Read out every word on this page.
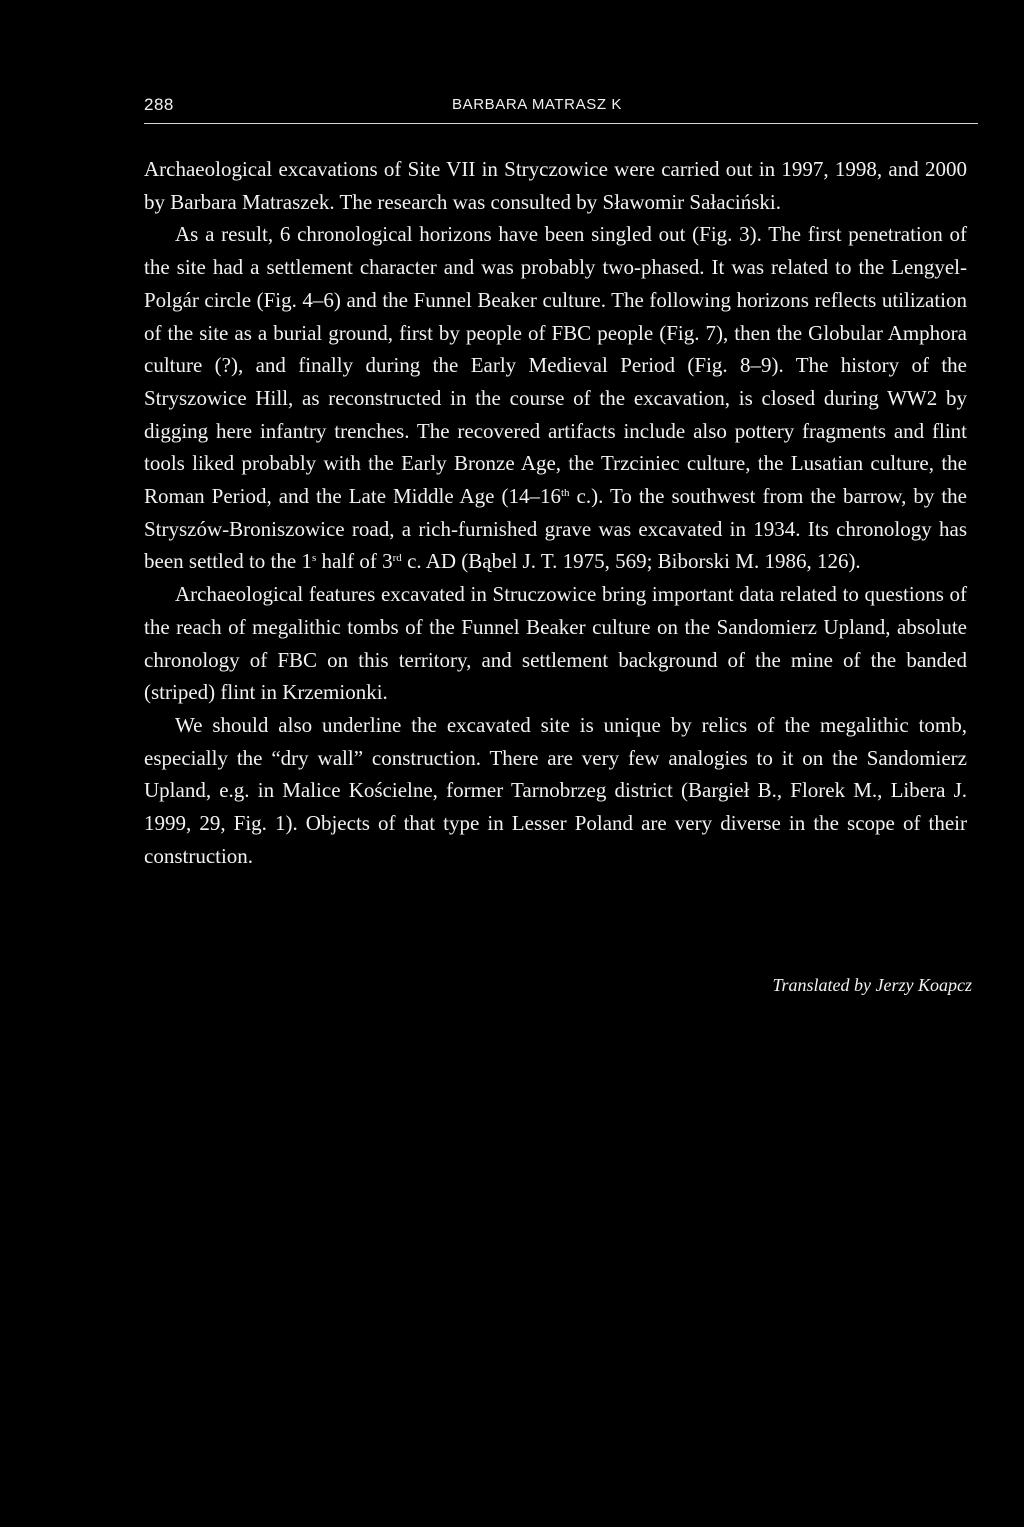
288	BARBARA MATRASZ K

Archaeological excavations of Site VII in Stryczowice were carried out in 1997, 1998, and 2000 by Barbara Matraszek. The research was consulted by Sławomir Sałaciński.

As a result, 6 chronological horizons have been singled out (Fig. 3). The first penetration of the site had a settlement character and was probably two-phased. It was related to the Lengyel-Polgár circle (Fig. 4–6) and the Funnel Beaker culture. The following horizons reflects utilization of the site as a burial ground, first by people of FBC people (Fig. 7), then the Globular Amphora culture (?), and finally during the Early Medieval Period (Fig. 8–9). The history of the Stryszowice Hill, as reconstructed in the course of the excavation, is closed during WW2 by digging here infantry trenches. The recovered artifacts include also pottery fragments and flint tools liked probably with the Early Bronze Age, the Trzciniec culture, the Lusatian culture, the Roman Period, and the Late Middle Age (14–16th c.). To the southwest from the barrow, by the Stryszów-Broniszowice road, a rich-furnished grave was excavated in 1934. Its chronology has been settled to the 1$^s$ half of 3rd c. AD (Bąbel J. T. 1975, 569; Biborski M. 1986, 126).

Archaeological features excavated in Struczowice bring important data related to questions of the reach of megalithic tombs of the Funnel Beaker culture on the Sandomierz Upland, absolute chronology of FBC on this territory, and settlement background of the mine of the banded (striped) flint in Krzemionki.

We should also underline the excavated site is unique by relics of the megalithic tomb, especially the “dry wall” construction. There are very few analogies to it on the Sandomierz Upland, e.g. in Malice Kościelne, former Tarnobrzeg district (Bargieł B., Florek M., Libera J. 1999, 29, Fig. 1). Objects of that type in Lesser Poland are very diverse in the scope of their construction.

Translated by Jerzy Koapcz
